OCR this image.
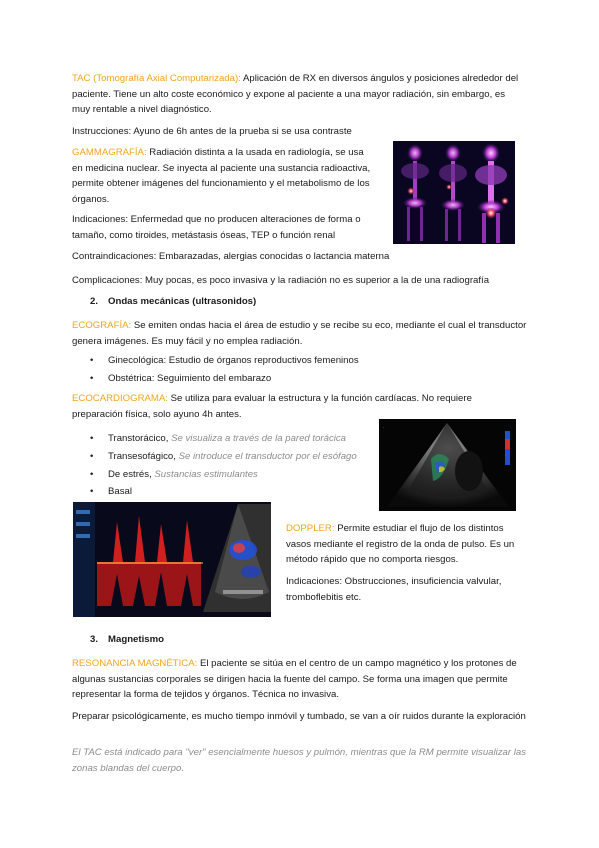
TAC (Tomografía Axial Computarizada): Aplicación de RX en diversos ángulos y posiciones alrededor del paciente. Tiene un alto coste económico y expone al paciente a una mayor radiación, sin embargo, es muy rentable a nivel diagnóstico.

Instrucciones: Ayuno de 6h antes de la prueba si se usa contraste

GAMMAGRAFÍA: Radiación distinta a la usada en radiología, se usa en medicina nuclear. Se inyecta al paciente una sustancia radioactiva, permite obtener imágenes del funcionamiento y el metabolismo de los órganos.

Indicaciones: Enfermedad que no producen alteraciones de forma o tamaño, como tiroides, metástasis óseas, TEP o función renal

Contraindicaciones: Embarazadas, alergias conocidas o lactancia materna

Complicaciones: Muy pocas, es poco invasiva y la radiación no es superior a la de una radiografía

2. Ondas mecánicas (ultrasonidos)

ECOGRAFÍA: Se emiten ondas hacia el área de estudio y se recibe su eco, mediante el cual el transductor genera imágenes. Es muy fácil y no emplea radiación.

• Ginecológica: Estudio de órganos reproductivos femeninos
• Obstétrica: Seguimiento del embarazo

ECOCARDIOGRAMA: Se utiliza para evaluar la estructura y la función cardíacas. No requiere preparación física, solo ayuno 4h antes.

• Transtorácico, Se visualiza a través de la pared torácica
• Transesofágico, Se introduce el transductor por el esófago
• De estrés, Sustancias estimulantes
• Basal
·

DOPPLER: Permite estudiar el flujo de los distintos vasos mediante el registro de la onda de pulso. Es un método rápido que no comporta riesgos.

Indicaciones: Obstrucciones, insuficiencia valvular, tromboflebitis etc.

3. Magnetismo

RESONANCIA MAGNÉTICA: El paciente se sitúa en el centro de un campo magnético y los protones de algunas sustancias corporales se dirigen hacia la fuente del campo. Se forma una imagen que permite representar la forma de tejidos y órganos. Técnica no invasiva.

Preparar psicológicamente, es mucho tiempo inmóvil y tumbado, se van a oír ruidos durante la exploración

El TAC está indicado para "ver" esencialmente huesos y pulmón, mientras que la RM permite visualizar las zonas blandas del cuerpo.
